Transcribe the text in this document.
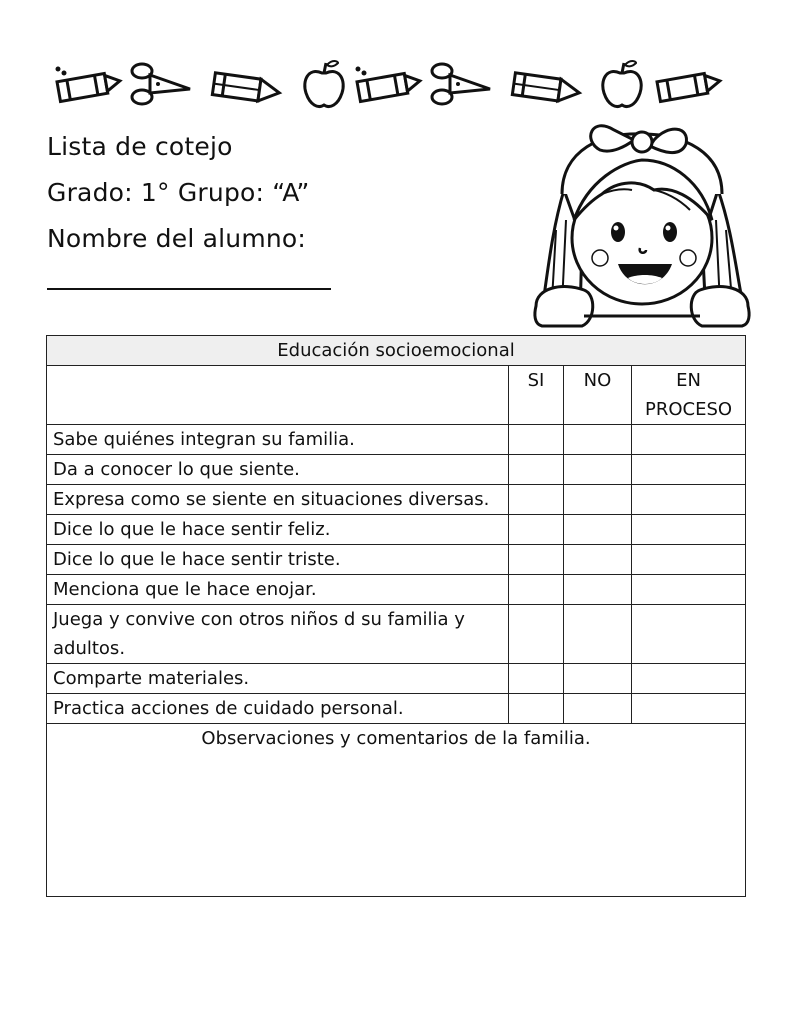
Lista de cotejo
Grado: 1° Grupo: “A”
Nombre del alumno:
Educación socioemocional			
	SI	NO	EN PROCESO
Sabe quiénes integran su familia.			
Da a conocer lo que siente.			
Expresa como se siente en situaciones diversas.			
Dice lo que le hace sentir feliz.			
Dice lo que le hace sentir triste.			
Menciona que le hace enojar.			
Juega y convive con otros niños d su familia y adultos.			
Comparte materiales.			
Practica acciones de cuidado personal.			
Observaciones y comentarios de la familia.			
